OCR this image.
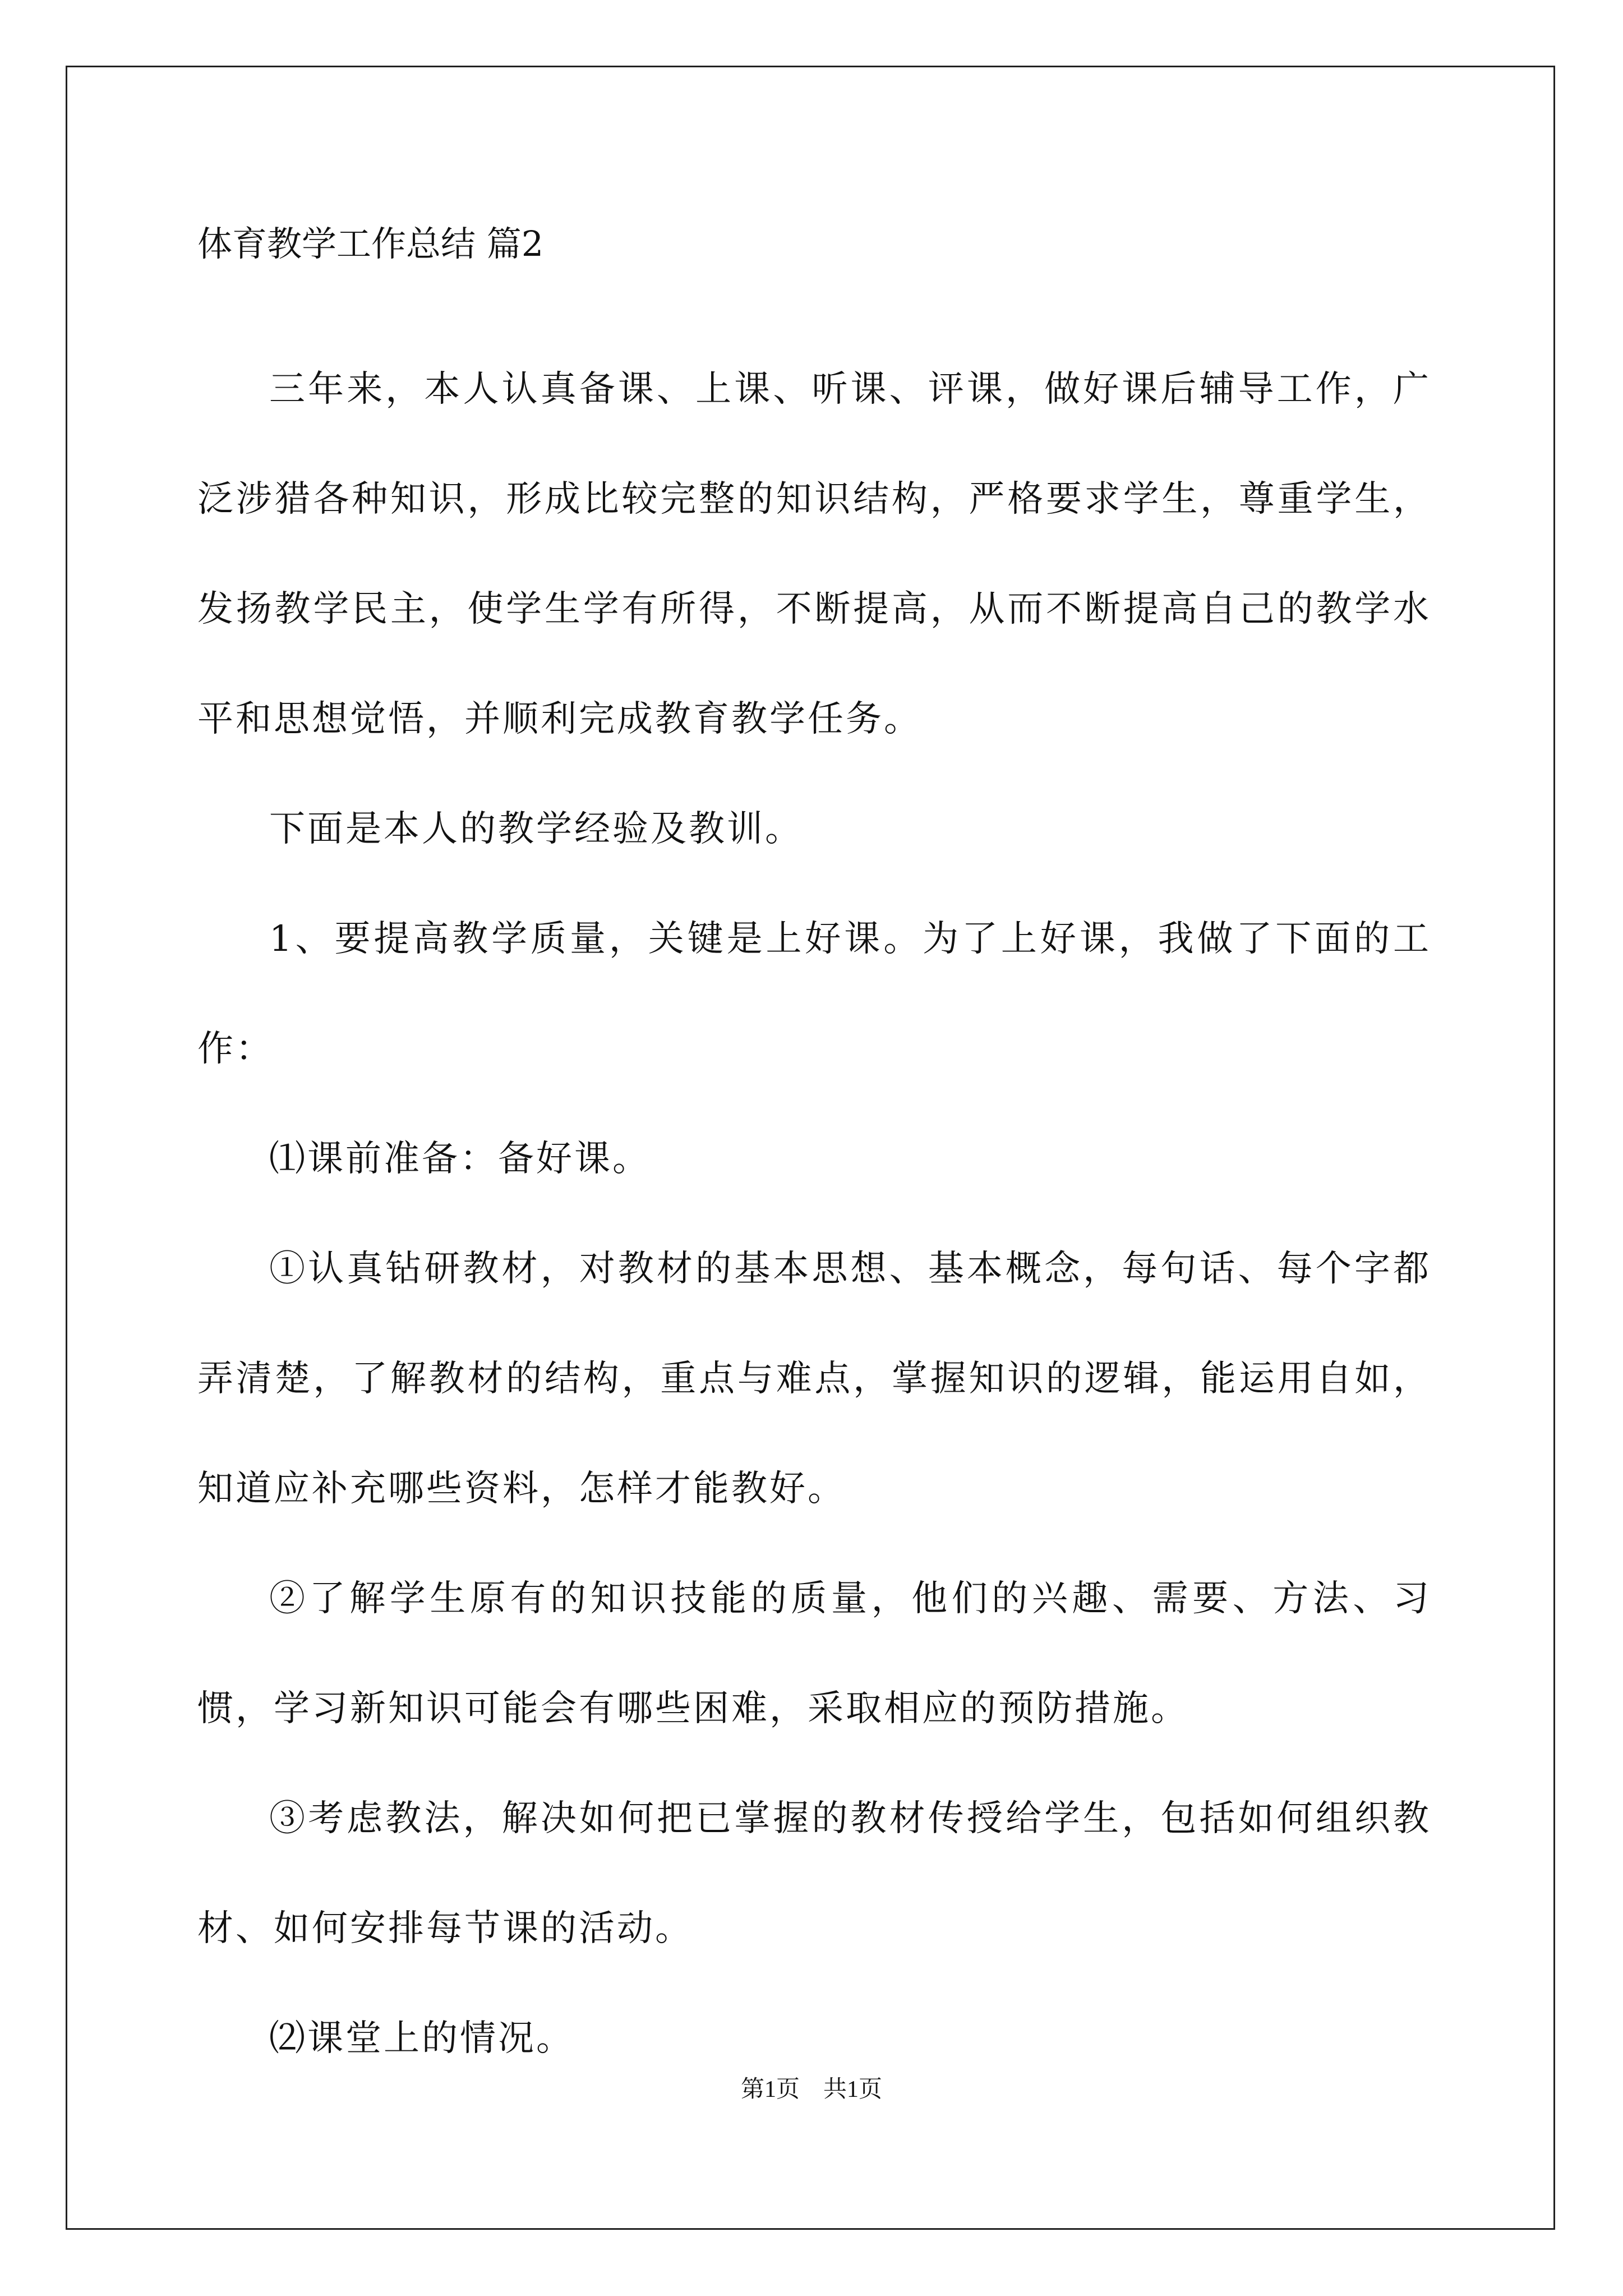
体育教学工作总结 篇2

三年来，本人认真备课、上课、听课、评课，做好课后辅导工作，广泛涉猎各种知识，形成比较完整的知识结构，严格要求学生，尊重学生，发扬教学民主，使学生学有所得，不断提高，从而不断提高自己的教学水平和思想觉悟，并顺利完成教育教学任务。

下面是本人的教学经验及教训。

1、要提高教学质量，关键是上好课。为了上好课，我做了下面的工作：

⑴课前准备：备好课。

①认真钻研教材，对教材的基本思想、基本概念，每句话、每个字都弄清楚，了解教材的结构，重点与难点，掌握知识的逻辑，能运用自如，知道应补充哪些资料，怎样才能教好。

②了解学生原有的知识技能的质量，他们的兴趣、需要、方法、习惯，学习新知识可能会有哪些困难，采取相应的预防措施。

③考虑教法，解决如何把已掌握的教材传授给学生，包括如何组织教材、如何安排每节课的活动。

⑵课堂上的情况。

第1页　共1页
